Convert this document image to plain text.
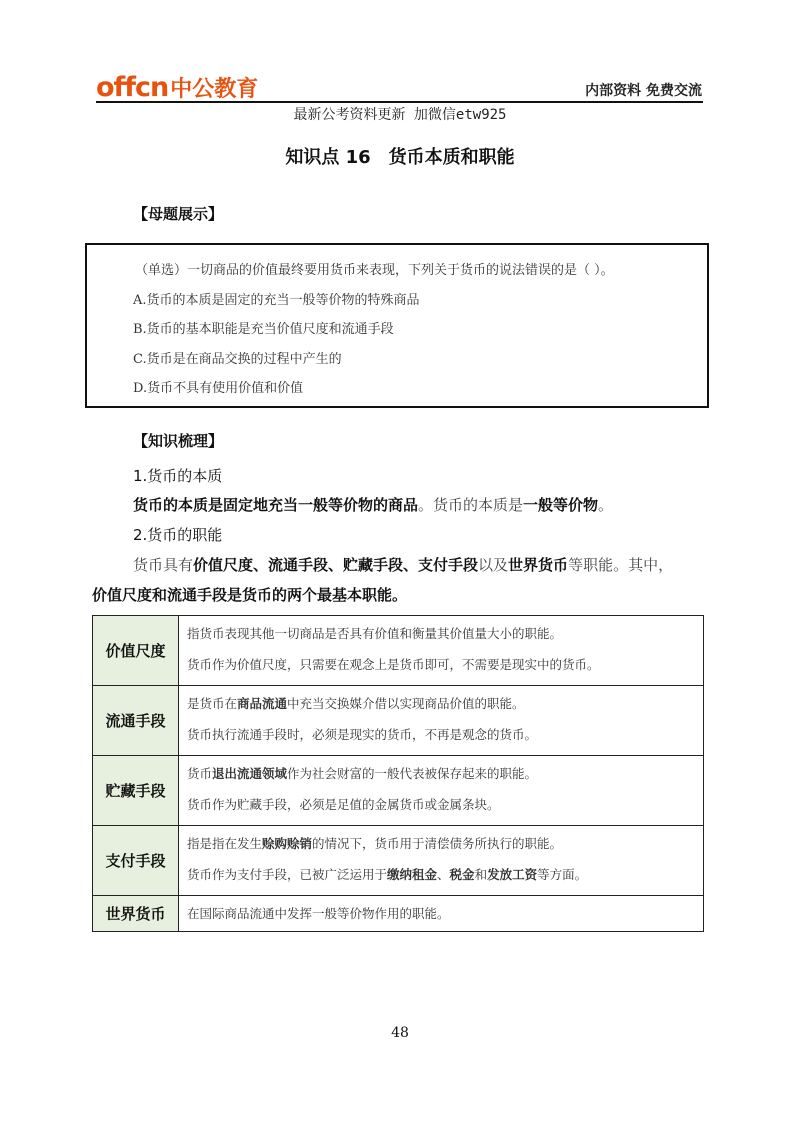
offcn中公教育	内部资料 免费交流
最新公考资料更新 加微信etw925
知识点 16　货币本质和职能
【母题展示】
（单选）一切商品的价值最终要用货币来表现，下列关于货币的说法错误的是（ ）。
A.货币的本质是固定的充当一般等价物的特殊商品
B.货币的基本职能是充当价值尺度和流通手段
C.货币是在商品交换的过程中产生的
D.货币不具有使用价值和价值
【知识梳理】
1.货币的本质
货币的本质是固定地充当一般等价物的商品。货币的本质是一般等价物。
2.货币的职能
货币具有价值尺度、流通手段、贮藏手段、支付手段以及世界货币等职能。其中，
价值尺度和流通手段是货币的两个最基本职能。
价值尺度	指货币表现其他一切商品是否具有价值和衡量其价值量大小的职能。
货币作为价值尺度，只需要在观念上是货币即可，不需要是现实中的货币。

流通手段	是货币在商品流通中充当交换媒介借以实现商品价值的职能。
货币执行流通手段时，必须是现实的货币，不再是观念的货币。

贮藏手段	货币退出流通领域作为社会财富的一般代表被保存起来的职能。
货币作为贮藏手段，必须是足值的金属货币或金属条块。

支付手段	指是指在发生赊购赊销的情况下，货币用于清偿债务所执行的职能。
货币作为支付手段，已被广泛运用于缴纳租金、税金和发放工资等方面。

世界货币	在国际商品流通中发挥一般等价物作用的职能。
48
